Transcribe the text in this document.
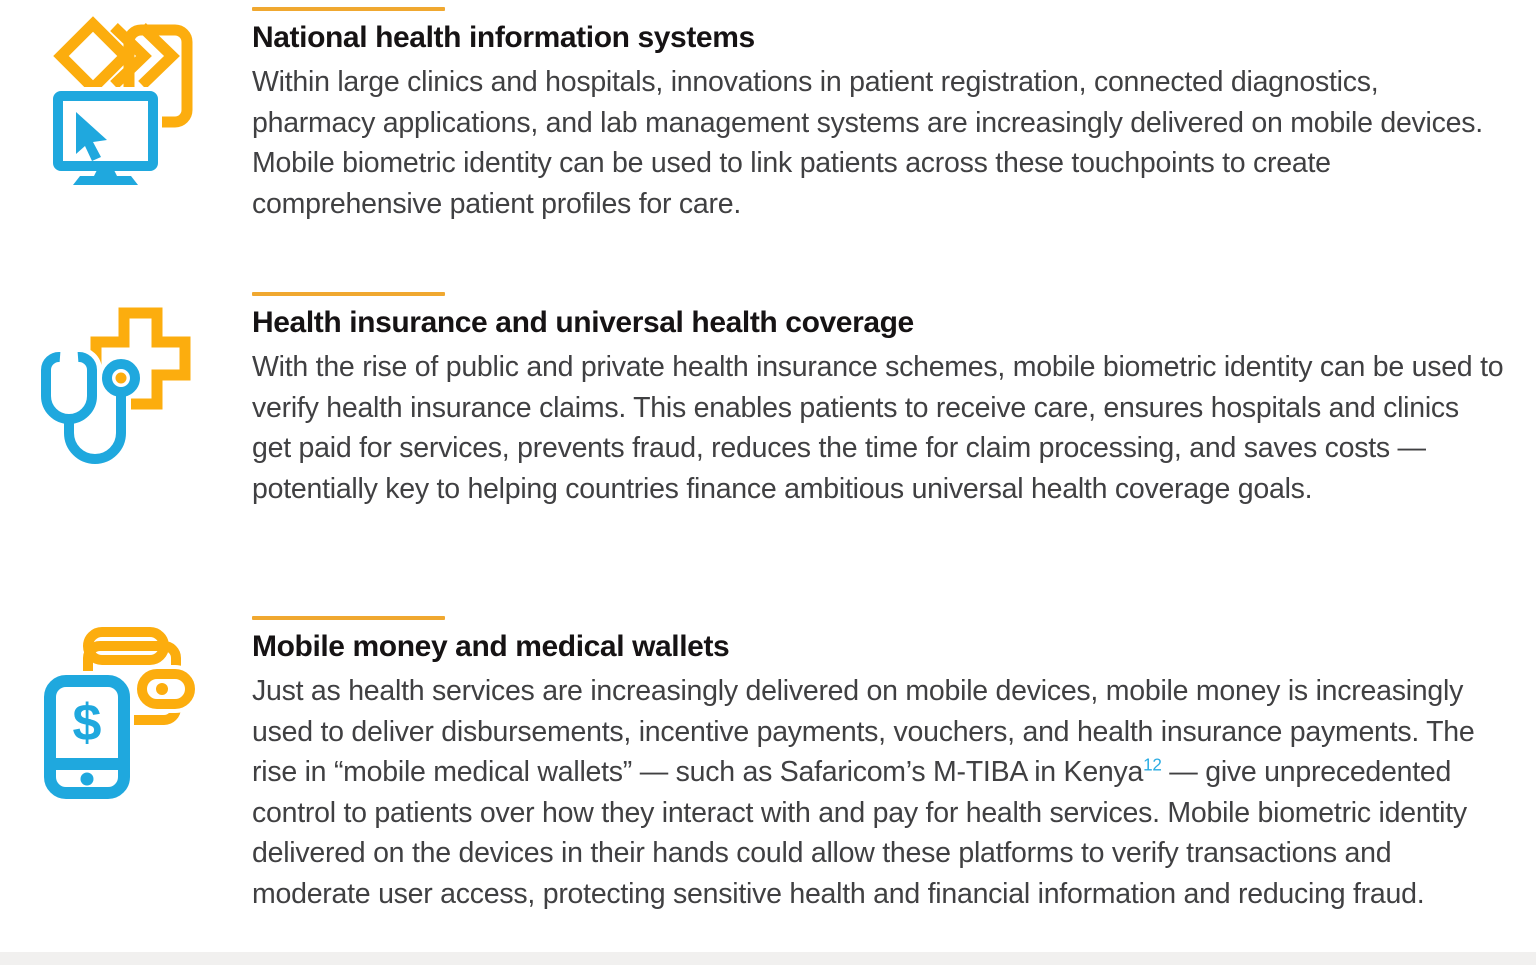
National health information systems

Within large clinics and hospitals, innovations in patient registration, connected diagnostics, pharmacy applications, and lab management systems are increasingly delivered on mobile devices. Mobile biometric identity can be used to link patients across these touchpoints to create comprehensive patient profiles for care.

Health insurance and universal health coverage

With the rise of public and private health insurance schemes, mobile biometric identity can be used to verify health insurance claims. This enables patients to receive care, ensures hospitals and clinics get paid for services, prevents fraud, reduces the time for claim processing, and saves costs — potentially key to helping countries finance ambitious universal health coverage goals.

$
Mobile money and medical wallets

Just as health services are increasingly delivered on mobile devices, mobile money is increasingly used to deliver disbursements, incentive payments, vouchers, and health insurance payments. The rise in “mobile medical wallets” — such as Safaricom’s M-TIBA in Kenya$^{12}$ — give unprecedented control to patients over how they interact with and pay for health services. Mobile biometric identity delivered on the devices in their hands could allow these platforms to verify transactions and moderate user access, protecting sensitive health and financial information and reducing fraud.
